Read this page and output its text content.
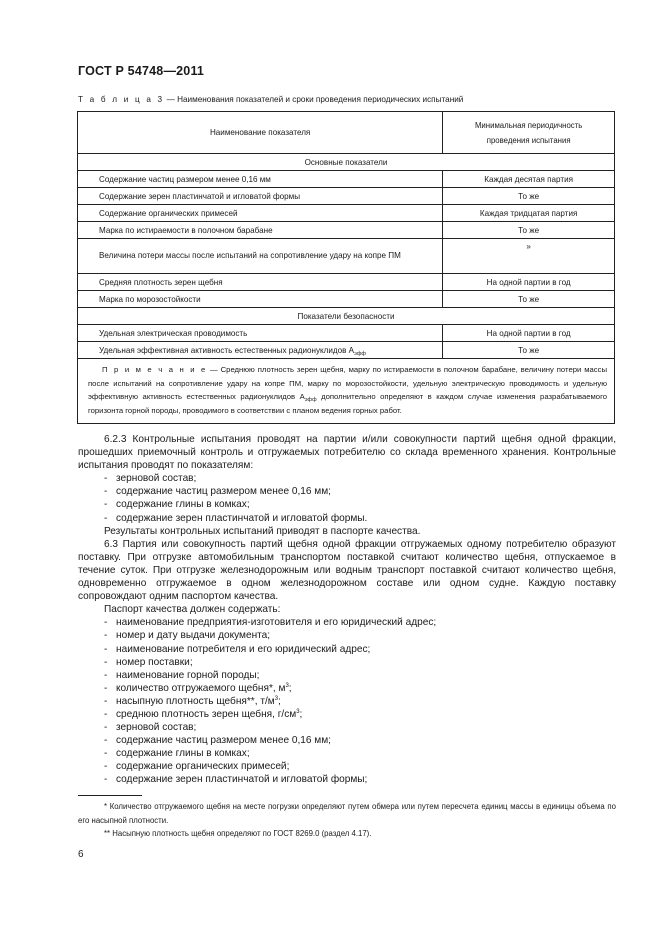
ГОСТ Р 54748—2011
Т а б л и ц а 3 — Наименования показателей и сроки проведения периодических испытаний
Наименование показателя	Минимальная периодичность
проведения испытания

Основные показатели	
Содержание частиц размером менее 0,16 мм	Каждая десятая партия
Содержание зерен пластинчатой и игловатой формы	То же
Содержание органических примесей	Каждая тридцатая партия
Марка по истираемости в полочном барабане	То же
Величина потери массы после испытаний на сопротивление удару на копре ПМ	»
Средняя плотность зерен щебня	На одной партии в год
Марка по морозостойкости	То же
Показатели безопасности	
Удельная электрическая проводимость	На одной партии в год
Удельная эффективная активность естественных радионуклидов $А_{эфф}$	То же
П р и м е ч а н и е — Среднюю плотность зерен щебня, марку по истираемости в полочном барабане, величину потери массы после испытаний на сопротивление удару на копре ПМ, марку по морозостойкости, удельную электрическую проводимость и удельную эффективную активность естественных радионуклидов $А_{эфф}$ дополнительно определяют в каждом случае изменения разрабатываемого горизонта горной породы, проводимого в соответствии с планом ведения горных работ.	

6.2.3 Контрольные испытания проводят на партии и/или совокупности партий щебня одной фракции, прошедших приемочный контроль и отгружаемых потребителю со склада временного хранения. Контрольные испытания проводят по показателям:

- зерновой состав;
- содержание частиц размером менее 0,16 мм;
- содержание глины в комках;
- содержание зерен пластинчатой и игловатой формы.

Результаты контрольных испытаний приводят в паспорте качества.

6.3 Партия или совокупность партий щебня одной фракции отгружаемых одному потребителю образуют поставку. При отгрузке автомобильным транспортом поставкой считают количество щебня, отпускаемое в течение суток. При отгрузке железнодорожным или водным транспорт поставкой считают количество щебня, одновременно отгружаемое в одном железнодорожном составе или одном судне. Каждую поставку сопровождают одним паспортом качества.

Паспорт качества должен содержать:

- наименование предприятия-изготовителя и его юридический адрес;
- номер и дату выдачи документа;
- наименование потребителя и его юридический адрес;
- номер поставки;
- наименование горной породы;
- количество отгружаемого щебня*, $м^3$;
- насыпную плотность щебня**, $т/м^3$;
- среднюю плотность зерен щебня, $г/см^3$;
- зерновой состав;
- содержание частиц размером менее 0,16 мм;
- содержание глины в комках;
- содержание органических примесей;
- содержание зерен пластинчатой и игловатой формы;

* Количество отгружаемого щебня на месте погрузки определяют путем обмера или путем пересчета единиц массы в единицы объема по его насыпной плотности.

** Насыпную плотность щебня определяют по ГОСТ 8269.0 (раздел 4.17).

6
